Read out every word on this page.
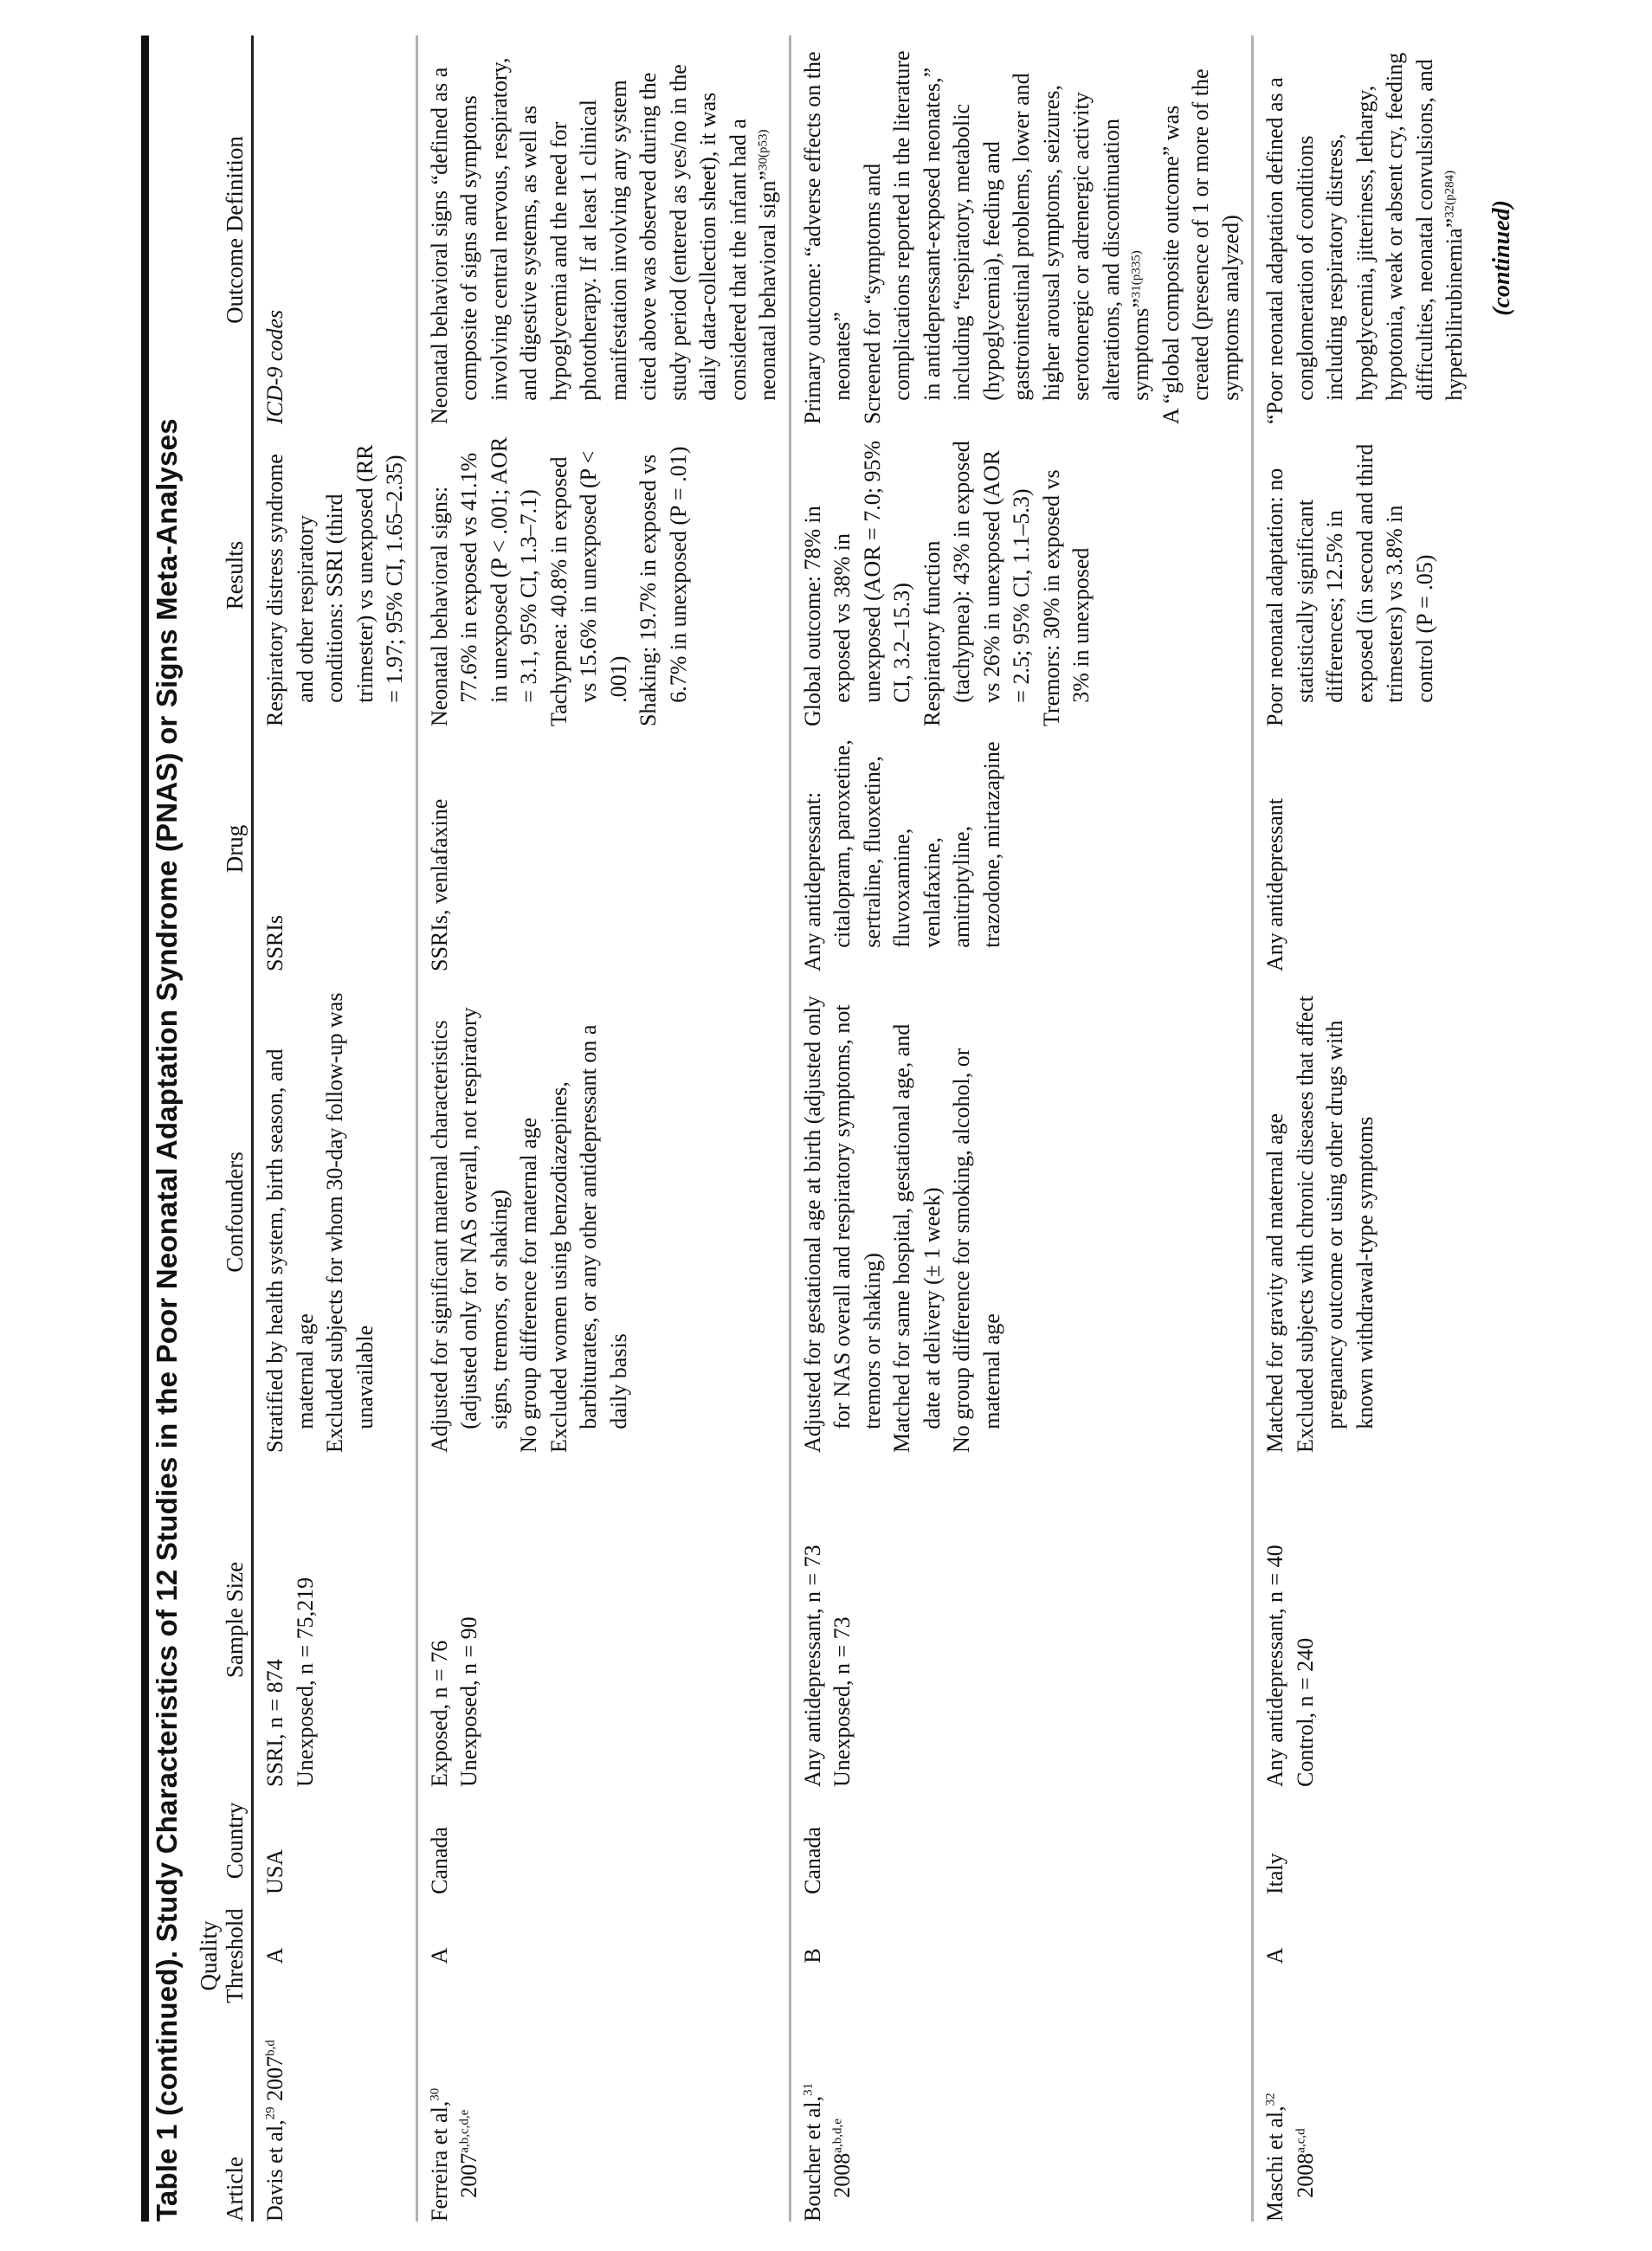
Table 1 (continued). Study Characteristics of 12 Studies in the Poor Neonatal Adaptation Syndrome (PNAS) or Signs Meta-Analyses Article
Quality Threshold
Country
Sample Size
Confounders
Drug
Results
Outcome Definition
Davis et al,$^{29}$ 2007$^{b,d}$
A
USA
SSRI, n = 874 Unexposed, n = 75,219
Stratified by health system, birth season, and maternal age Excluded subjects for whom 30-day follow-up was unavailable
SSRIs
Respiratory distress syndrome and other respiratory conditions: SSRI (third trimester) vs unexposed (RR = 1.97; 95% CI, 1.65–2.35)
ICD-9 codes
Ferreira et al,$^{30}$ 2007$^{a,b,c,d,e}$
A
Canada
Exposed, n = 76 Unexposed, n = 90
Adjusted for significant maternal characteristics (adjusted only for NAS overall, not respiratory signs, tremors, or shaking) No group difference for maternal age Excluded women using benzodiazepines, barbiturates, or any other antidepressant on a daily basis
SSRIs, venlafaxine
Neonatal behavioral signs: 77.6% in exposed vs 41.1% in unexposed (P < .001; AOR = 3.1, 95% CI, 1.3–7.1) Tachypnea: 40.8% in exposed vs 15.6% in unexposed (P < .001) Shaking: 19.7% in exposed vs 6.7% in unexposed (P = .01)
Neonatal behavioral signs “defined as a composite of signs and symptoms involving central nervous, respiratory, and digestive systems, as well as hypoglycemia and the need for phototherapy. If at least 1 clinical manifestation involving any system cited above was observed during the study period (entered as yes/no in the daily data-collection sheet), it was considered that the infant had a neonatal behavioral sign”$^{30(p53)}$
Boucher et al,$^{31}$ 2008$^{a,b,d,e}$
B
Canada
Any antidepressant, n = 73 Unexposed, n = 73
Adjusted for gestational age at birth (adjusted only for NAS overall and respiratory symptoms, not tremors or shaking) Matched for same hospital, gestational age, and date at delivery (± 1 week) No group difference for smoking, alcohol, or maternal age
Any antidepressant: citalopram, paroxetine, sertraline, fluoxetine, fluvoxamine, venlafaxine, amitriptyline, trazodone, mirtazapine
Global outcome: 78% in exposed vs 38% in unexposed (AOR = 7.0; 95% CI, 3.2–15.3) Respiratory function (tachypnea): 43% in exposed vs 26% in unexposed (AOR = 2.5; 95% CI, 1.1–5.3) Tremors: 30% in exposed vs 3% in unexposed
Primary outcome: “adverse effects on the neonates” Screened for “symptoms and complications reported in the literature in antidepressant-exposed neonates,” including “respiratory, metabolic (hypoglycemia), feeding and gastrointestinal problems, lower and higher arousal symptoms, seizures, serotonergic or adrenergic activity alterations, and discontinuation symptoms”$^{31(p335)}$ A “global composite outcome” was created (presence of 1 or more of the symptoms analyzed)
Maschi et al,$^{32}$ 2008$^{a,c,d}$
A
Italy
Any antidepressant, n = 40 Control, n = 240
Matched for gravity and maternal age Excluded subjects with chronic diseases that affect pregnancy outcome or using other drugs with known withdrawal-type symptoms
Any antidepressant
Poor neonatal adaptation: no statistically significant differences; 12.5% in exposed (in second and third trimesters) vs 3.8% in control (P = .05)
“Poor neonatal adaptation defined as a conglomeration of conditions including respiratory distress, hypoglycemia, jitteriness, lethargy, hypotonia, weak or absent cry, feeding difficulties, neonatal convulsions, and hyperbilirubinemia”$^{32(p284)}$
(continued)
